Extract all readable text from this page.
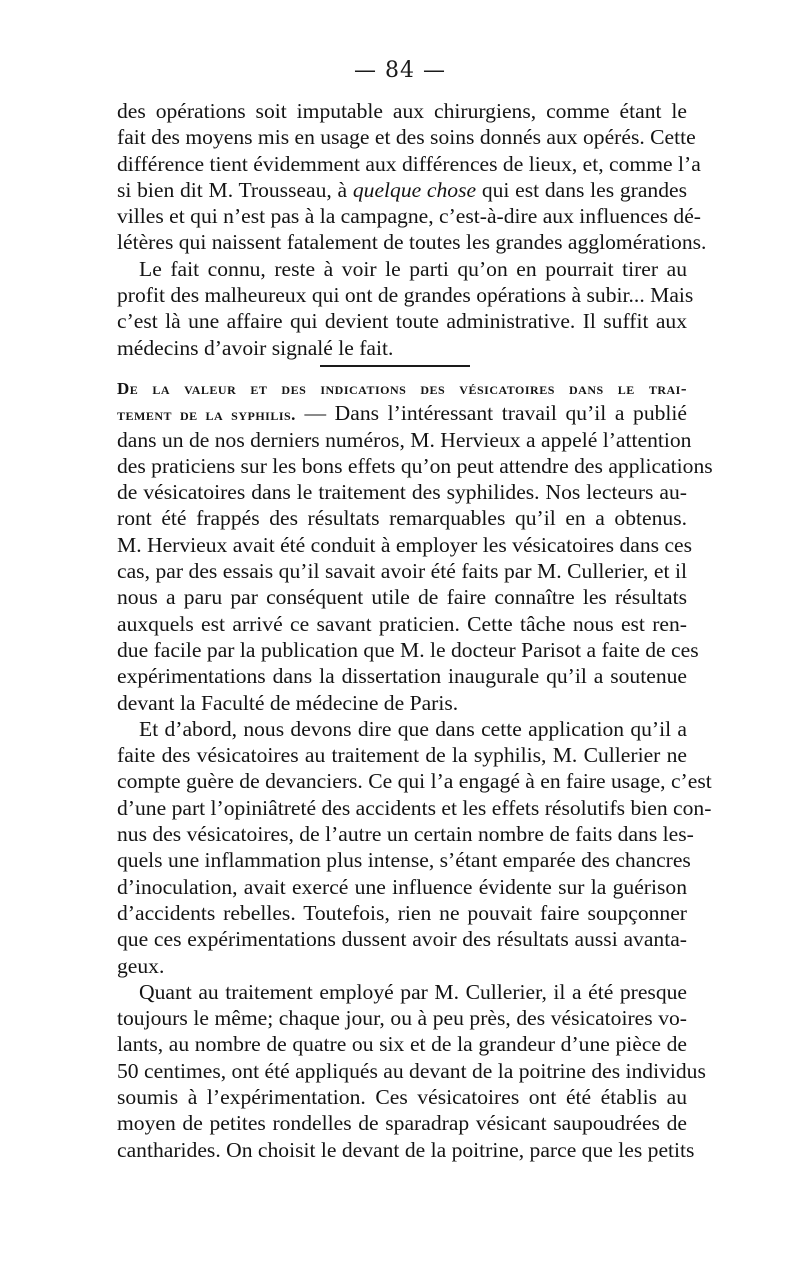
— 84 —
des opérations soit imputable aux chirurgiens, comme étant le
fait des moyens mis en usage et des soins donnés aux opérés. Cette
différence tient évidemment aux différences de lieux, et, comme l’a
si bien dit M. Trousseau, à quelque chose qui est dans les grandes
villes et qui n’est pas à la campagne, c’est-à-dire aux influences dé-
létères qui naissent fatalement de toutes les grandes agglomérations.
Le fait connu, reste à voir le parti qu’on en pourrait tirer au
profit des malheureux qui ont de grandes opérations à subir... Mais
c’est là une affaire qui devient toute administrative. Il suffit aux
médecins d’avoir signalé le fait.
De la valeur et des indications des vésicatoires dans le trai-
tement de la syphilis. — Dans l’intéressant travail qu’il a publié
dans un de nos derniers numéros, M. Hervieux a appelé l’attention
des praticiens sur les bons effets qu’on peut attendre des applications
de vésicatoires dans le traitement des syphilides. Nos lecteurs au-
ront été frappés des résultats remarquables qu’il en a obtenus.
M. Hervieux avait été conduit à employer les vésicatoires dans ces
cas, par des essais qu’il savait avoir été faits par M. Cullerier, et il
nous a paru par conséquent utile de faire connaître les résultats
auxquels est arrivé ce savant praticien. Cette tâche nous est ren-
due facile par la publication que M. le docteur Parisot a faite de ces
expérimentations dans la dissertation inaugurale qu’il a soutenue
devant la Faculté de médecine de Paris.
Et d’abord, nous devons dire que dans cette application qu’il a
faite des vésicatoires au traitement de la syphilis, M. Cullerier ne
compte guère de devanciers. Ce qui l’a engagé à en faire usage, c’est
d’une part l’opiniâtreté des accidents et les effets résolutifs bien con-
nus des vésicatoires, de l’autre un certain nombre de faits dans les-
quels une inflammation plus intense, s’étant emparée des chancres
d’inoculation, avait exercé une influence évidente sur la guérison
d’accidents rebelles. Toutefois, rien ne pouvait faire soupçonner
que ces expérimentations dussent avoir des résultats aussi avanta-
geux.
Quant au traitement employé par M. Cullerier, il a été presque
toujours le même; chaque jour, ou à peu près, des vésicatoires vo-
lants, au nombre de quatre ou six et de la grandeur d’une pièce de
50 centimes, ont été appliqués au devant de la poitrine des individus
soumis à l’expérimentation. Ces vésicatoires ont été établis au
moyen de petites rondelles de sparadrap vésicant saupoudrées de
cantharides. On choisit le devant de la poitrine, parce que les petits
